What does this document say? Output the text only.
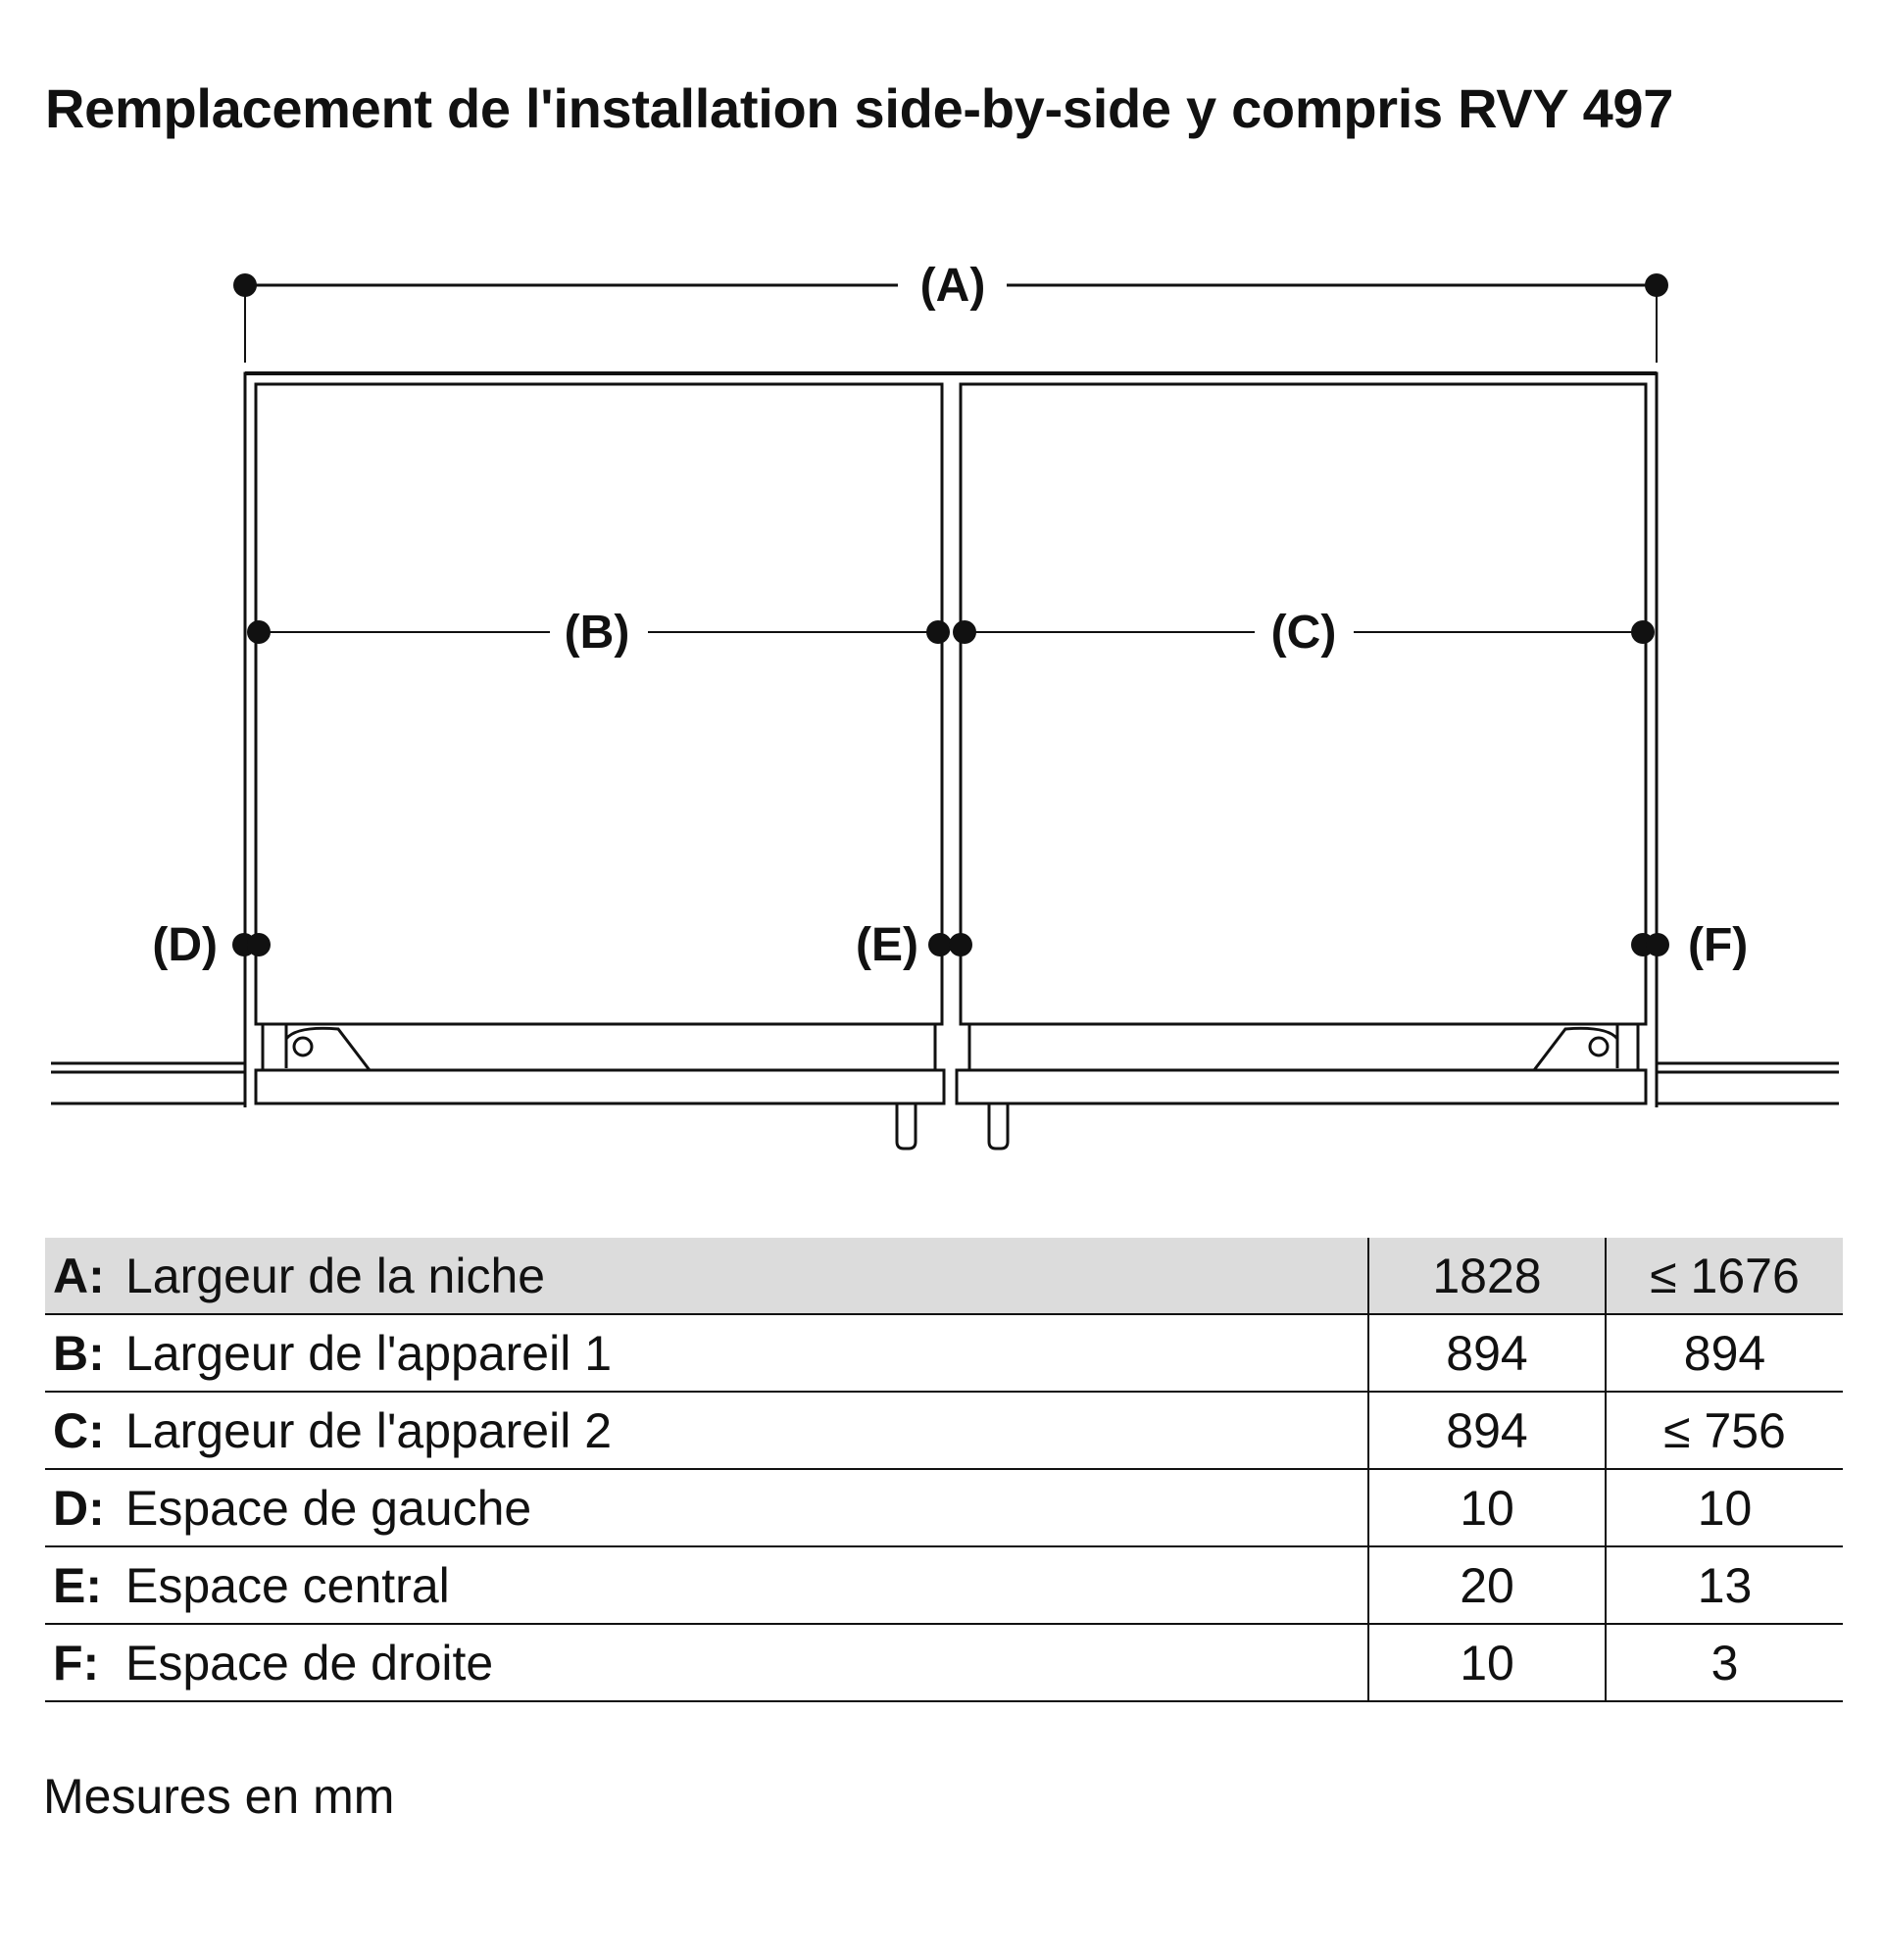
Remplacement de l'installation side-by-side y compris RVY 497
(A)
(B)	(C)
(D)	(E)	(F)
A:	Largeur de la niche	1828	≤ 1676
B:	Largeur de l'appareil 1	894	894
C:	Largeur de l'appareil 2	894	≤ 756
D:	Espace de gauche	10	10
E:	Espace central	20	13
F:	Espace de droite	10	3
Mesures en mm
